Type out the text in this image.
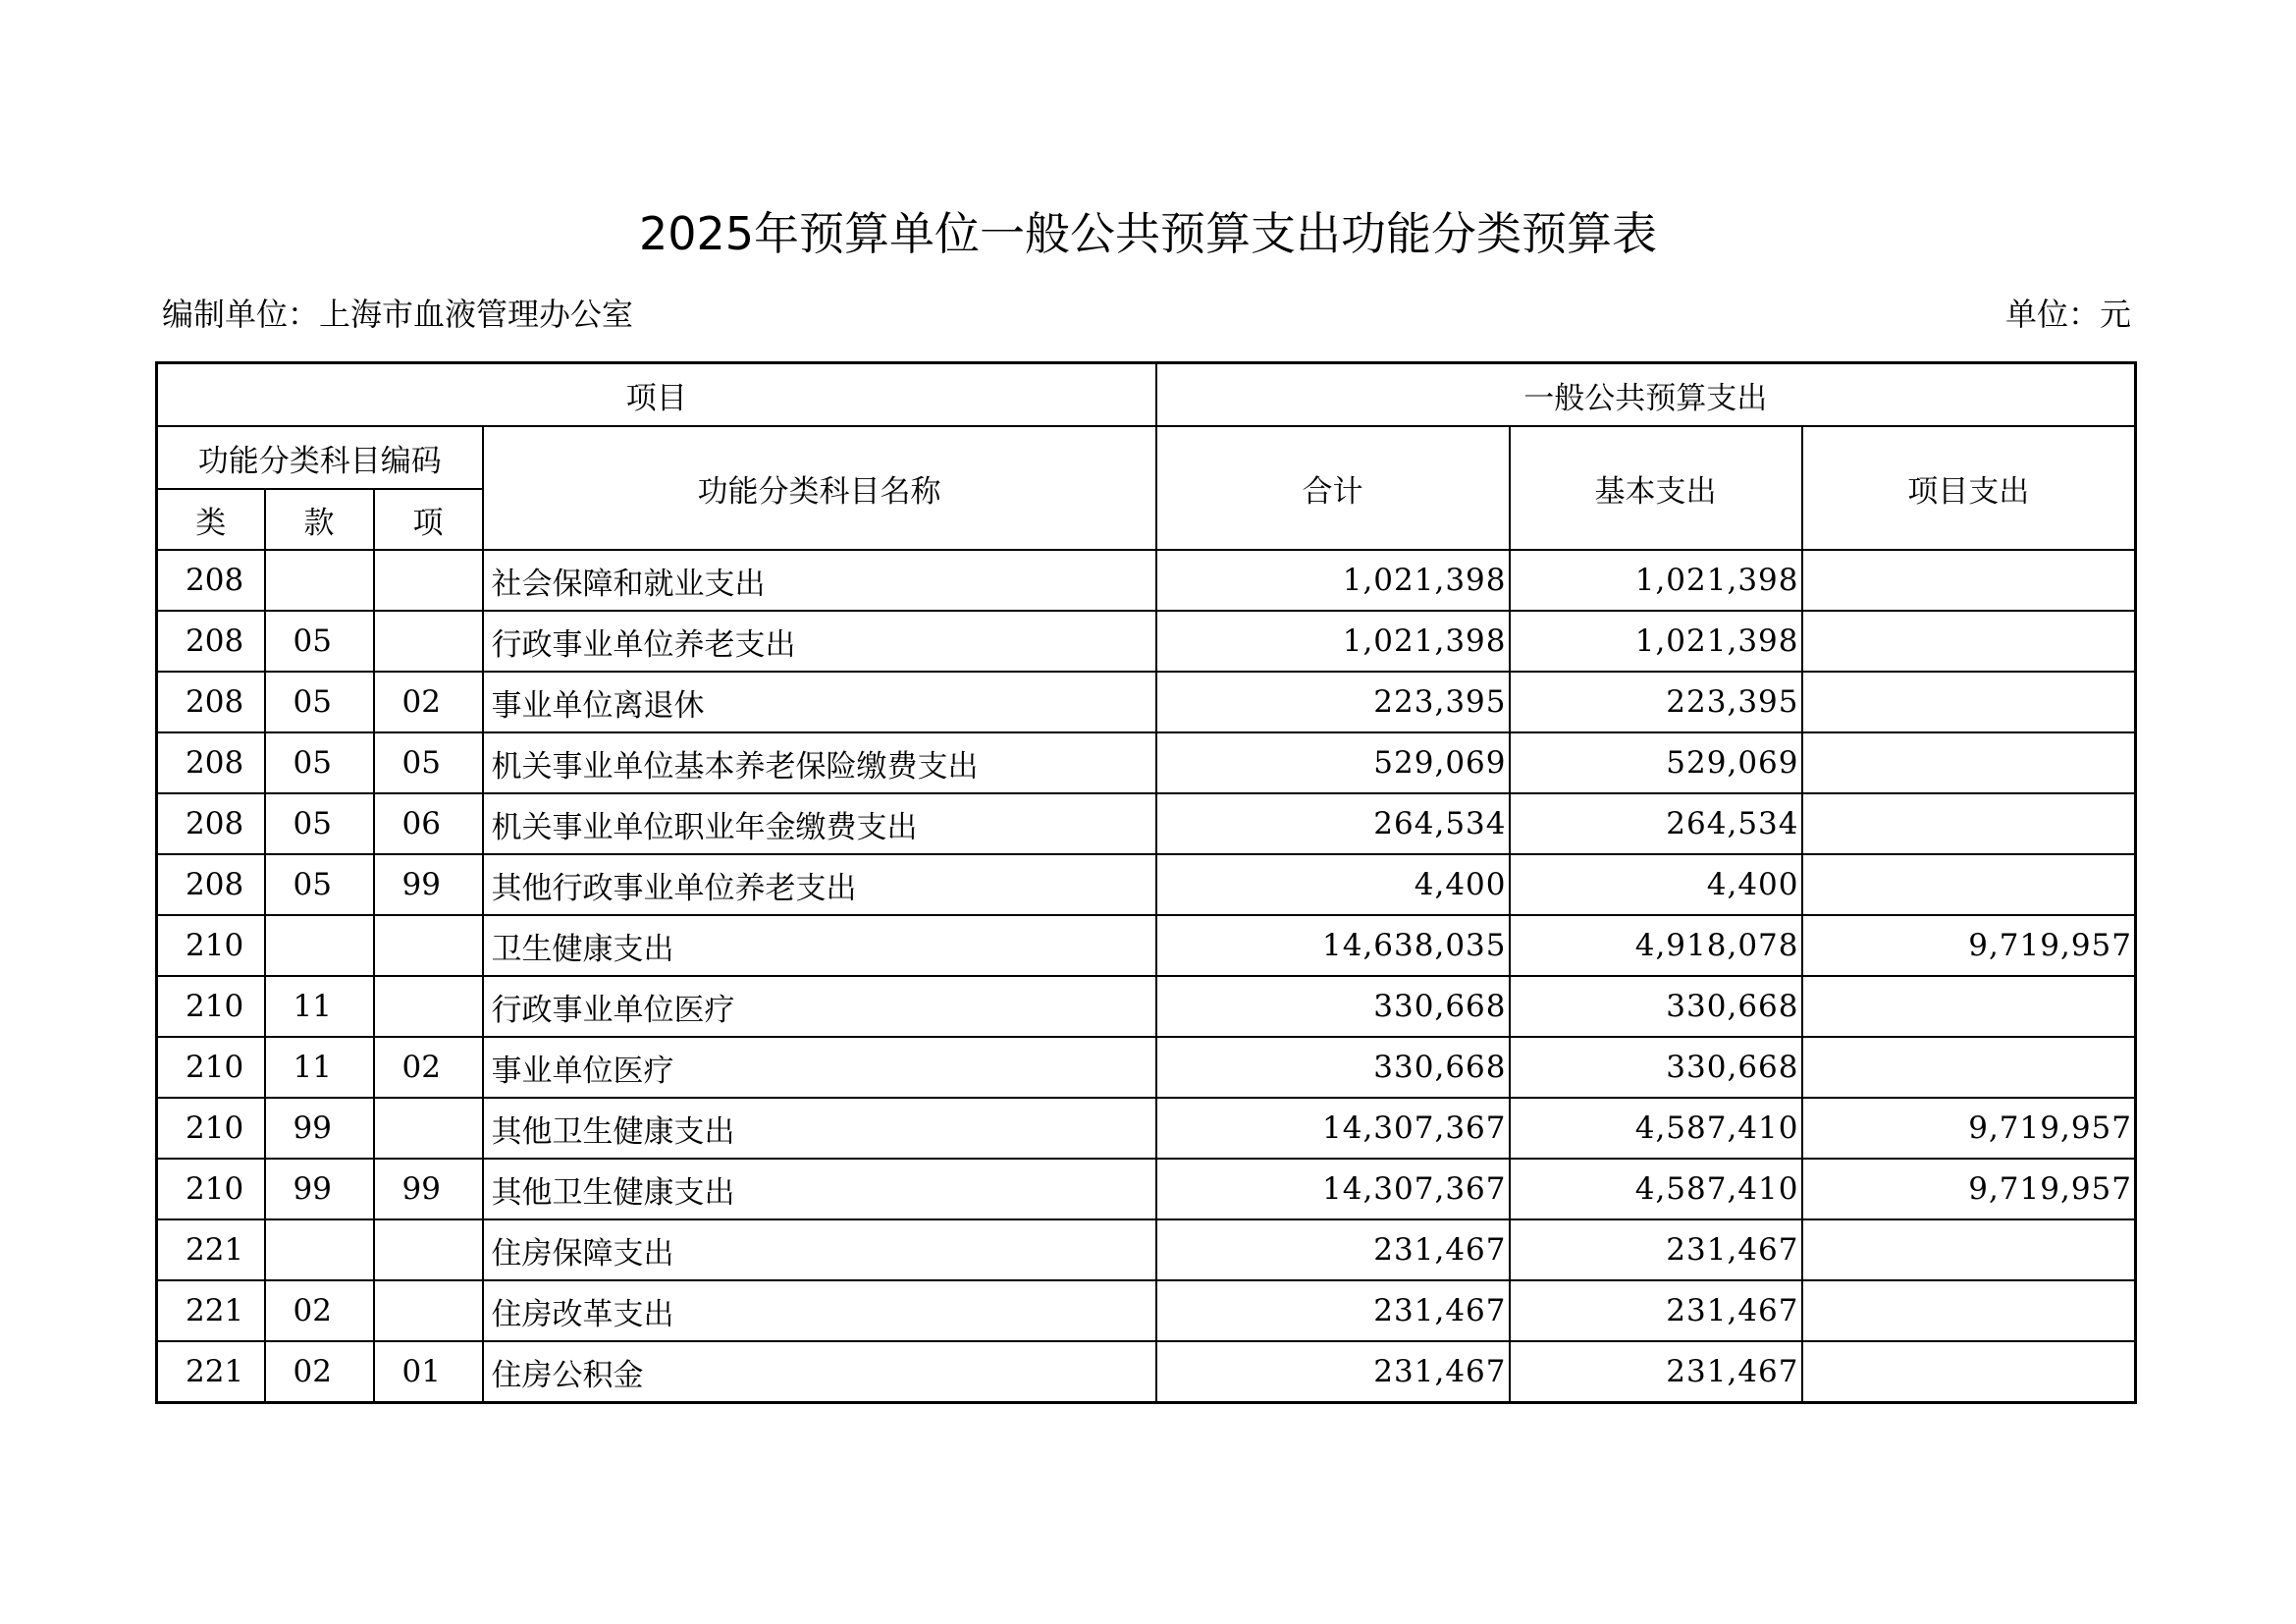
2025年预算单位一般公共预算支出功能分类预算表
编制单位：上海市血液管理办公室	单位：元
项目				一般公共预算支出		
功能分类科目编码			功能分类科目名称	合计	基本支出	项目支出
类	款	项				
208			社会保障和就业支出	1,021,398	1,021,398	
208	05		行政事业单位养老支出	1,021,398	1,021,398	
208	05	02	事业单位离退休	223,395	223,395	
208	05	05	机关事业单位基本养老保险缴费支出	529,069	529,069	
208	05	06	机关事业单位职业年金缴费支出	264,534	264,534	
208	05	99	其他行政事业单位养老支出	4,400	4,400	
210			卫生健康支出	14,638,035	4,918,078	9,719,957
210	11		行政事业单位医疗	330,668	330,668	
210	11	02	事业单位医疗	330,668	330,668	
210	99		其他卫生健康支出	14,307,367	4,587,410	9,719,957
210	99	99	其他卫生健康支出	14,307,367	4,587,410	9,719,957
221			住房保障支出	231,467	231,467	
221	02		住房改革支出	231,467	231,467	
221	02	01	住房公积金	231,467	231,467	
